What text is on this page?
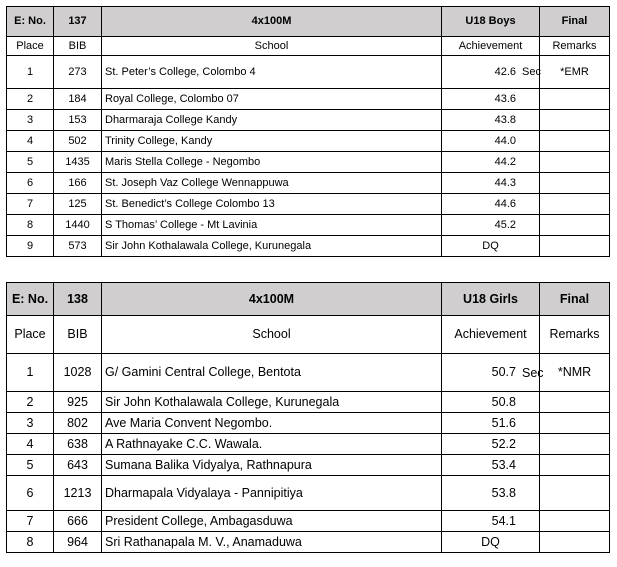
E: No.	137	4x100M	U18 Boys	Final
Place	BIB	School	Achievement	Remarks
1	273	St. Peter’s College, Colombo 4	42.6 Sec	*EMR
2	184	Royal College, Colombo 07	43.6	

3	153	Dharmaraja College Kandy	43.8	

4	502	Trinity College, Kandy	44.0	

5	1435	Maris Stella College - Negombo	44.2	

6	166	St. Joseph Vaz College Wennappuwa	44.3	

7	125	St. Benedict’s College Colombo 13	44.6	

8	1440	S Thomas’ College - Mt Lavinia	45.2	

9	573	Sir John Kothalawala College, Kurunegala	DQ	

E: No.	138	4x100M	U18 Girls	Final
Place	BIB	School	Achievement	Remarks
1	1028	G/ Gamini Central College, Bentota	50.7 Sec	*NMR
2	925	Sir John Kothalawala College, Kurunegala	50.8	

3	802	Ave Maria Convent Negombo.	51.6	

4	638	A Rathnayake C.C. Wawala.	52.2	

5	643	Sumana Balika Vidyalya, Rathnapura	53.4	

6	1213	Dharmapala Vidyalaya - Pannipitiya	53.8	

7	666	President College, Ambagasduwa	54.1	

8	964	Sri Rathanapala M. V., Anamaduwa	DQ	
